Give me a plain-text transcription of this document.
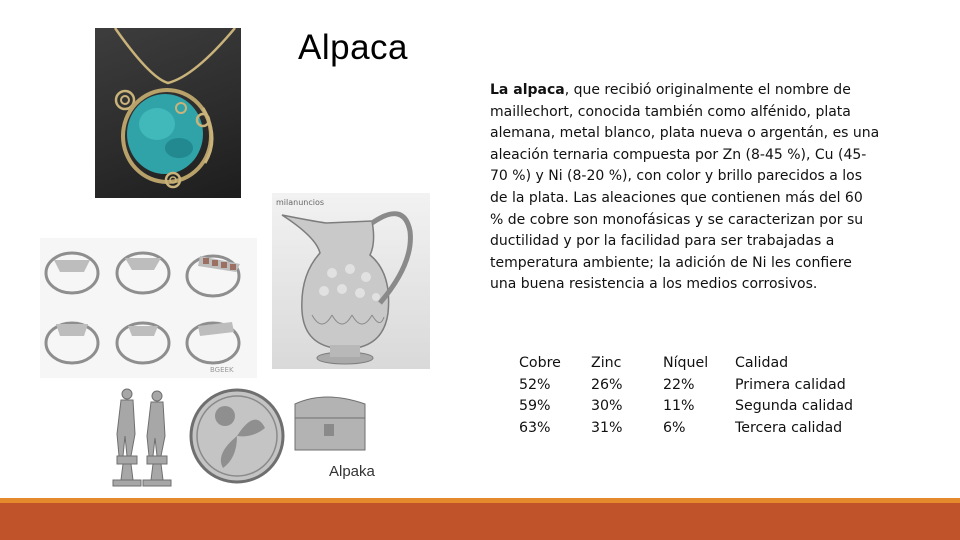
Alpaca
BGEEK
milanuncios
Alpaka
La alpaca, que recibió originalmente el nombre de maillechort, conocida también como alfénido, plata alemana, metal blanco, plata nueva o argentán, es una aleación ternaria compuesta por Zn (8-45 %), Cu (45-70 %) y Ni (8-20 %), con color y brillo parecidos a los de la plata. Las aleaciones que contienen más del 60 % de cobre son monofásicas y se caracterizan por su ductilidad y por la facilidad para ser trabajadas a temperatura ambiente; la adición de Ni les confiere una buena resistencia a los medios corrosivos.
Cobre
52%
59%
63%
Zinc
26%
30%
31%
Níquel
22%
11%
6%
Calidad
Primera calidad
Segunda calidad
Tercera calidad
